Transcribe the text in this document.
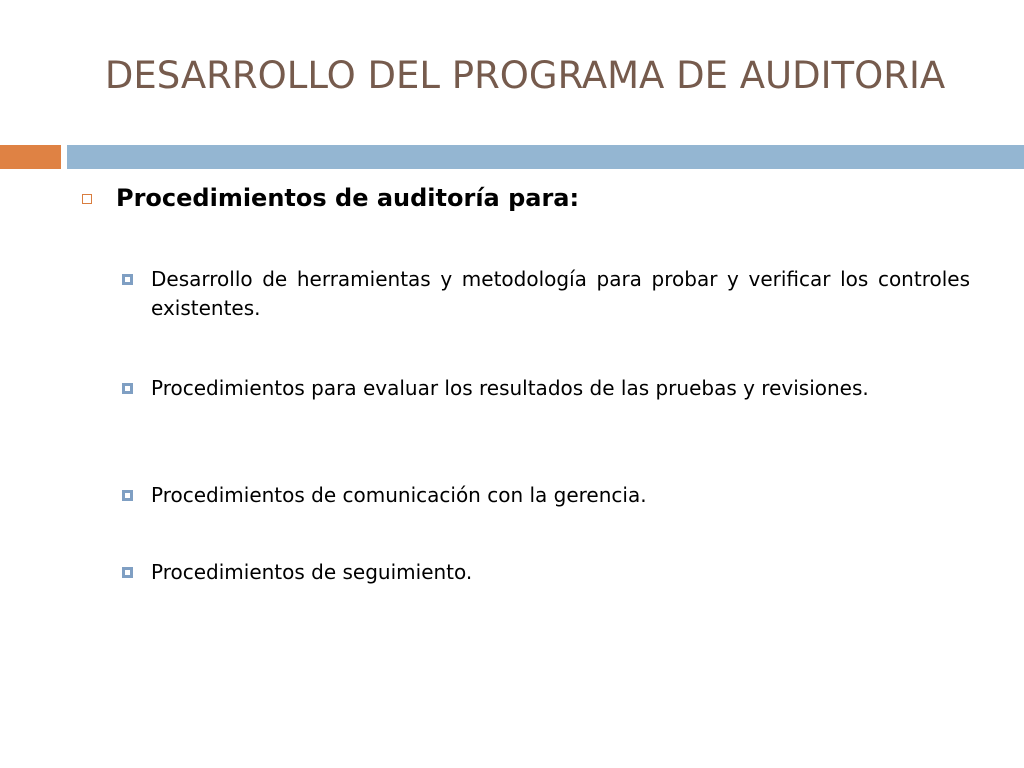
DESARROLLO DEL PROGRAMA DE AUDITORIA
Procedimientos de auditoría para:
Desarrollo de herramientas y metodología para probar y verificar los controles existentes.
Procedimientos para evaluar los resultados de las pruebas y revisiones.
Procedimientos de comunicación con la gerencia.
Procedimientos de seguimiento.
